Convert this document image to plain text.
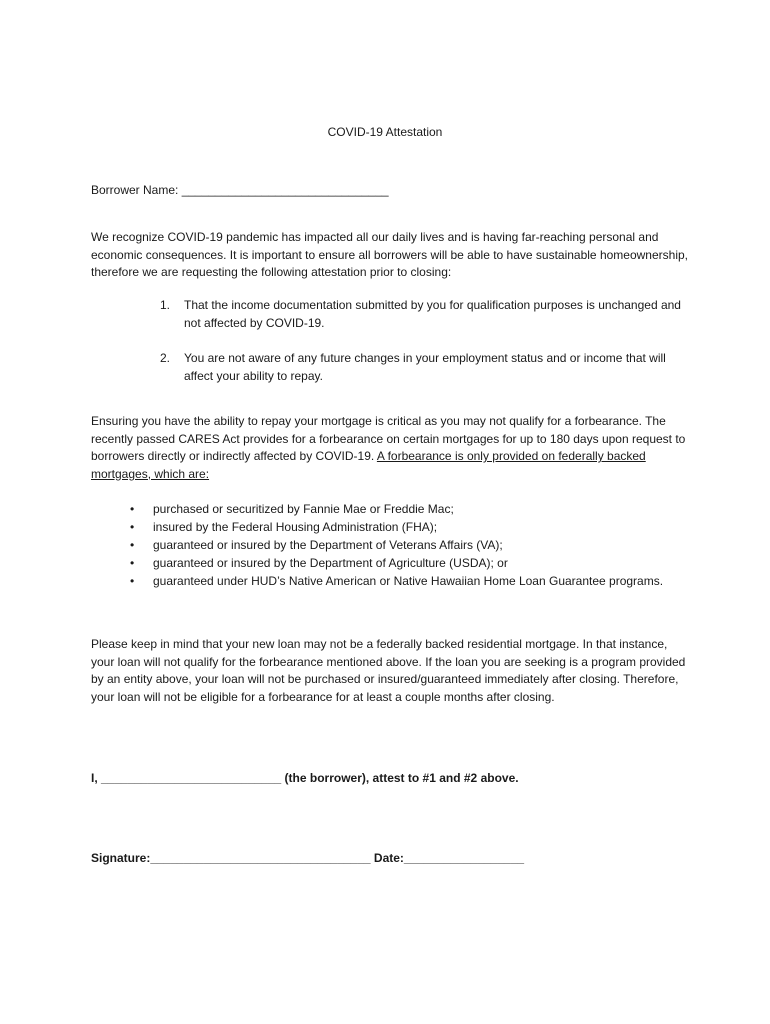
COVID-19 Attestation
Borrower Name: _______________________________

We recognize COVID-19 pandemic has impacted all our daily lives and is having far-reaching personal and economic consequences. It is important to ensure all borrowers will be able to have sustainable homeownership, therefore we are requesting the following attestation prior to closing:

1. That the income documentation submitted by you for qualification purposes is unchanged and not affected by COVID-19.
2. You are not aware of any future changes in your employment status and or income that will affect your ability to repay.

Ensuring you have the ability to repay your mortgage is critical as you may not qualify for a forbearance. The recently passed CARES Act provides for a forbearance on certain mortgages for up to 180 days upon request to borrowers directly or indirectly affected by COVID-19. A forbearance is only provided on federally backed mortgages, which are:

• purchased or securitized by Fannie Mae or Freddie Mac;
• insured by the Federal Housing Administration (FHA);
• guaranteed or insured by the Department of Veterans Affairs (VA);
• guaranteed or insured by the Department of Agriculture (USDA); or
• guaranteed under HUD’s Native American or Native Hawaiian Home Loan Guarantee programs.

Please keep in mind that your new loan may not be a federally backed residential mortgage. In that instance, your loan will not qualify for the forbearance mentioned above. If the loan you are seeking is a program provided by an entity above, your loan will not be purchased or insured/guaranteed immediately after closing. Therefore, your loan will not be eligible for a forbearance for at least a couple months after closing.

I, ___________________________ (the borrower), attest to #1 and #2 above.
Signature:_________________________________ Date:__________________
